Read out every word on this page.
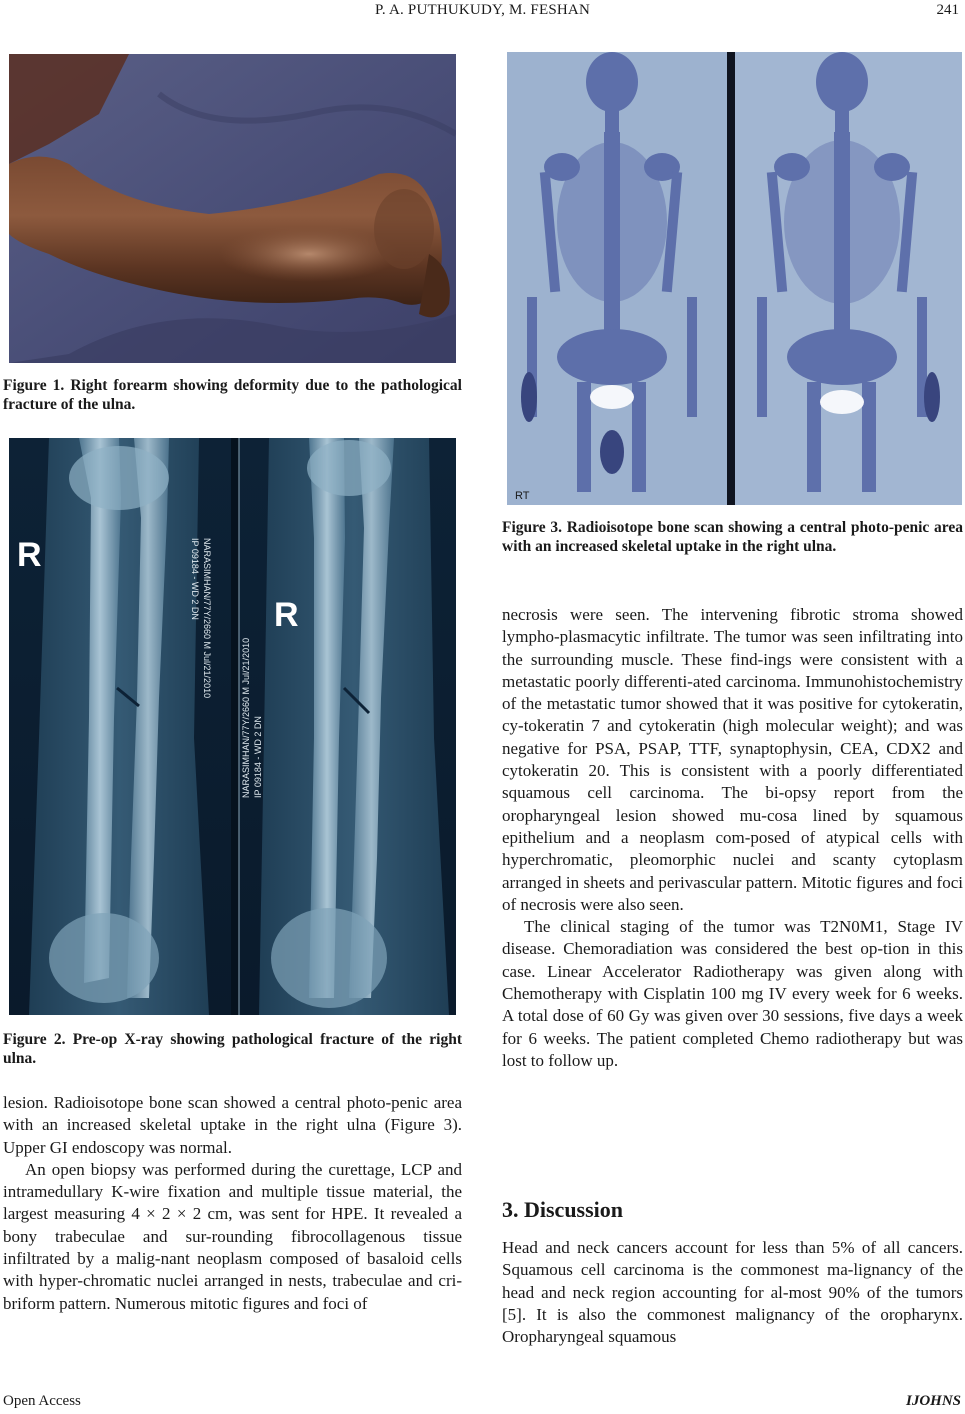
P. A. PUTHUKUDY, M. FESHAN	241
Figure 1. Right forearm showing deformity due to the pathological fracture of the ulna.
R
R
NARASIMHAN/77Y/2660 M Jul/21/2010
IP 09184 - WD 2 DN
NARASIMHAN/77Y/2660 M Jul/21/2010 IP 09184 - WD 2 DN
Figure 2. Pre-op X-ray showing pathological fracture of the right ulna.

lesion. Radioisotope bone scan showed a central photo-penic area with an increased skeletal uptake in the right ulna (Figure 3). Upper GI endoscopy was normal.

An open biopsy was performed during the curettage, LCP and intramedullary K-wire fixation and multiple tissue material, the largest measuring 4 × 2 × 2 cm, was sent for HPE. It revealed a bony trabeculae and sur-rounding fibrocollagenous tissue infiltrated by a malig-nant neoplasm composed of basaloid cells with hyper-chromatic nuclei arranged in nests, trabeculae and cri-briform pattern. Numerous mitotic figures and foci of

RT
Figure 3. Radioisotope bone scan showing a central photo-penic area with an increased skeletal uptake in the right ulna.

necrosis were seen. The intervening fibrotic stroma showed lympho-plasmacytic infiltrate. The tumor was seen infiltrating into the surrounding muscle. These find-ings were consistent with a metastatic poorly differenti-ated carcinoma. Immunohistochemistry of the metastatic tumor showed that it was positive for cytokeratin, cy-tokeratin 7 and cytokeratin (high molecular weight); and was negative for PSA, PSAP, TTF, synaptophysin, CEA, CDX2 and cytokeratin 20. This is consistent with a poorly differentiated squamous cell carcinoma. The bi-opsy report from the oropharyngeal lesion showed mu-cosa lined by squamous epithelium and a neoplasm com-posed of atypical cells with hyperchromatic, pleomorphic nuclei and scanty cytoplasm arranged in sheets and perivascular pattern. Mitotic figures and foci of necrosis were also seen.

The clinical staging of the tumor was T2N0M1, Stage IV disease. Chemoradiation was considered the best op-tion in this case. Linear Accelerator Radiotherapy was given along with Chemotherapy with Cisplatin 100 mg IV every week for 6 weeks. A total dose of 60 Gy was given over 30 sessions, five days a week for 6 weeks. The patient completed Chemo radiotherapy but was lost to follow up.

3. Discussion

Head and neck cancers account for less than 5% of all cancers. Squamous cell carcinoma is the commonest ma-lignancy of the head and neck region accounting for al-most 90% of the tumors [5]. It is also the commonest malignancy of the oropharynx. Oropharyngeal squamous

Open Access	IJOHNS
